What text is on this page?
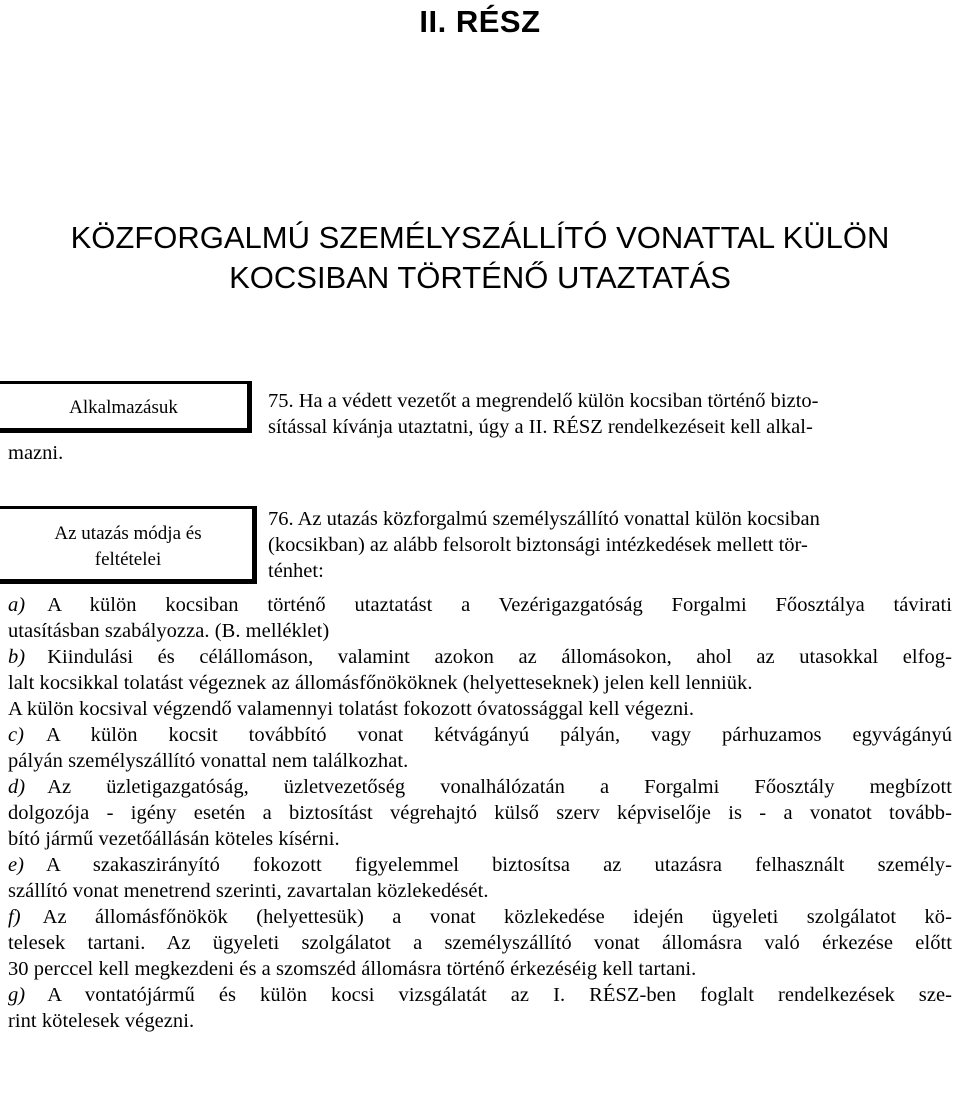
II. RÉSZ
KÖZFORGALMÚ SZEMÉLYSZÁLLÍTÓ VONATTAL KÜLÖN
KOCSIBAN TÖRTÉNŐ UTAZTATÁS
Alkalmazásuk	75. Ha a védett vezetőt a megrendelő külön kocsiban történő bizto-
sítással kívánja utaztatni, úgy a II. RÉSZ rendelkezéseit kell alkal-
mazni.
Az utazás módja és
feltételei
76. Az utazás közforgalmú személyszállító vonattal külön kocsiban
(kocsikban) az alább felsorolt biztonsági intézkedések mellett tör-
ténhet:
a) A külön kocsiban történő utaztatást a Vezérigazgatóság Forgalmi Főosztálya távirati
utasításban szabályozza. (B. melléklet)
b) Kiindulási és célállomáson, valamint azokon az állomásokon, ahol az utasokkal elfog-
lalt kocsikkal tolatást végeznek az állomásfőnököknek (helyetteseknek) jelen kell lenniük.
A külön kocsival végzendő valamennyi tolatást fokozott óvatossággal kell végezni.
c) A külön kocsit továbbító vonat kétvágányú pályán, vagy párhuzamos egyvágányú
pályán személyszállító vonattal nem találkozhat.
d) Az üzletigazgatóság, üzletvezetőség vonalhálózatán a Forgalmi Főosztály megbízott
dolgozója - igény esetén a biztosítást végrehajtó külső szerv képviselője is - a vonatot tovább-
bító jármű vezetőállásán köteles kísérni.
e) A szakaszirányító fokozott figyelemmel biztosítsa az utazásra felhasznált személy-
szállító vonat menetrend szerinti, zavartalan közlekedését.
f) Az állomásfőnökök (helyettesük) a vonat közlekedése idején ügyeleti szolgálatot kö-
telesek tartani. Az ügyeleti szolgálatot a személyszállító vonat állomásra való érkezése előtt
30 perccel kell megkezdeni és a szomszéd állomásra történő érkezéséig kell tartani.
g) A vontatójármű és külön kocsi vizsgálatát az I. RÉSZ-ben foglalt rendelkezések sze-
rint kötelesek végezni.
